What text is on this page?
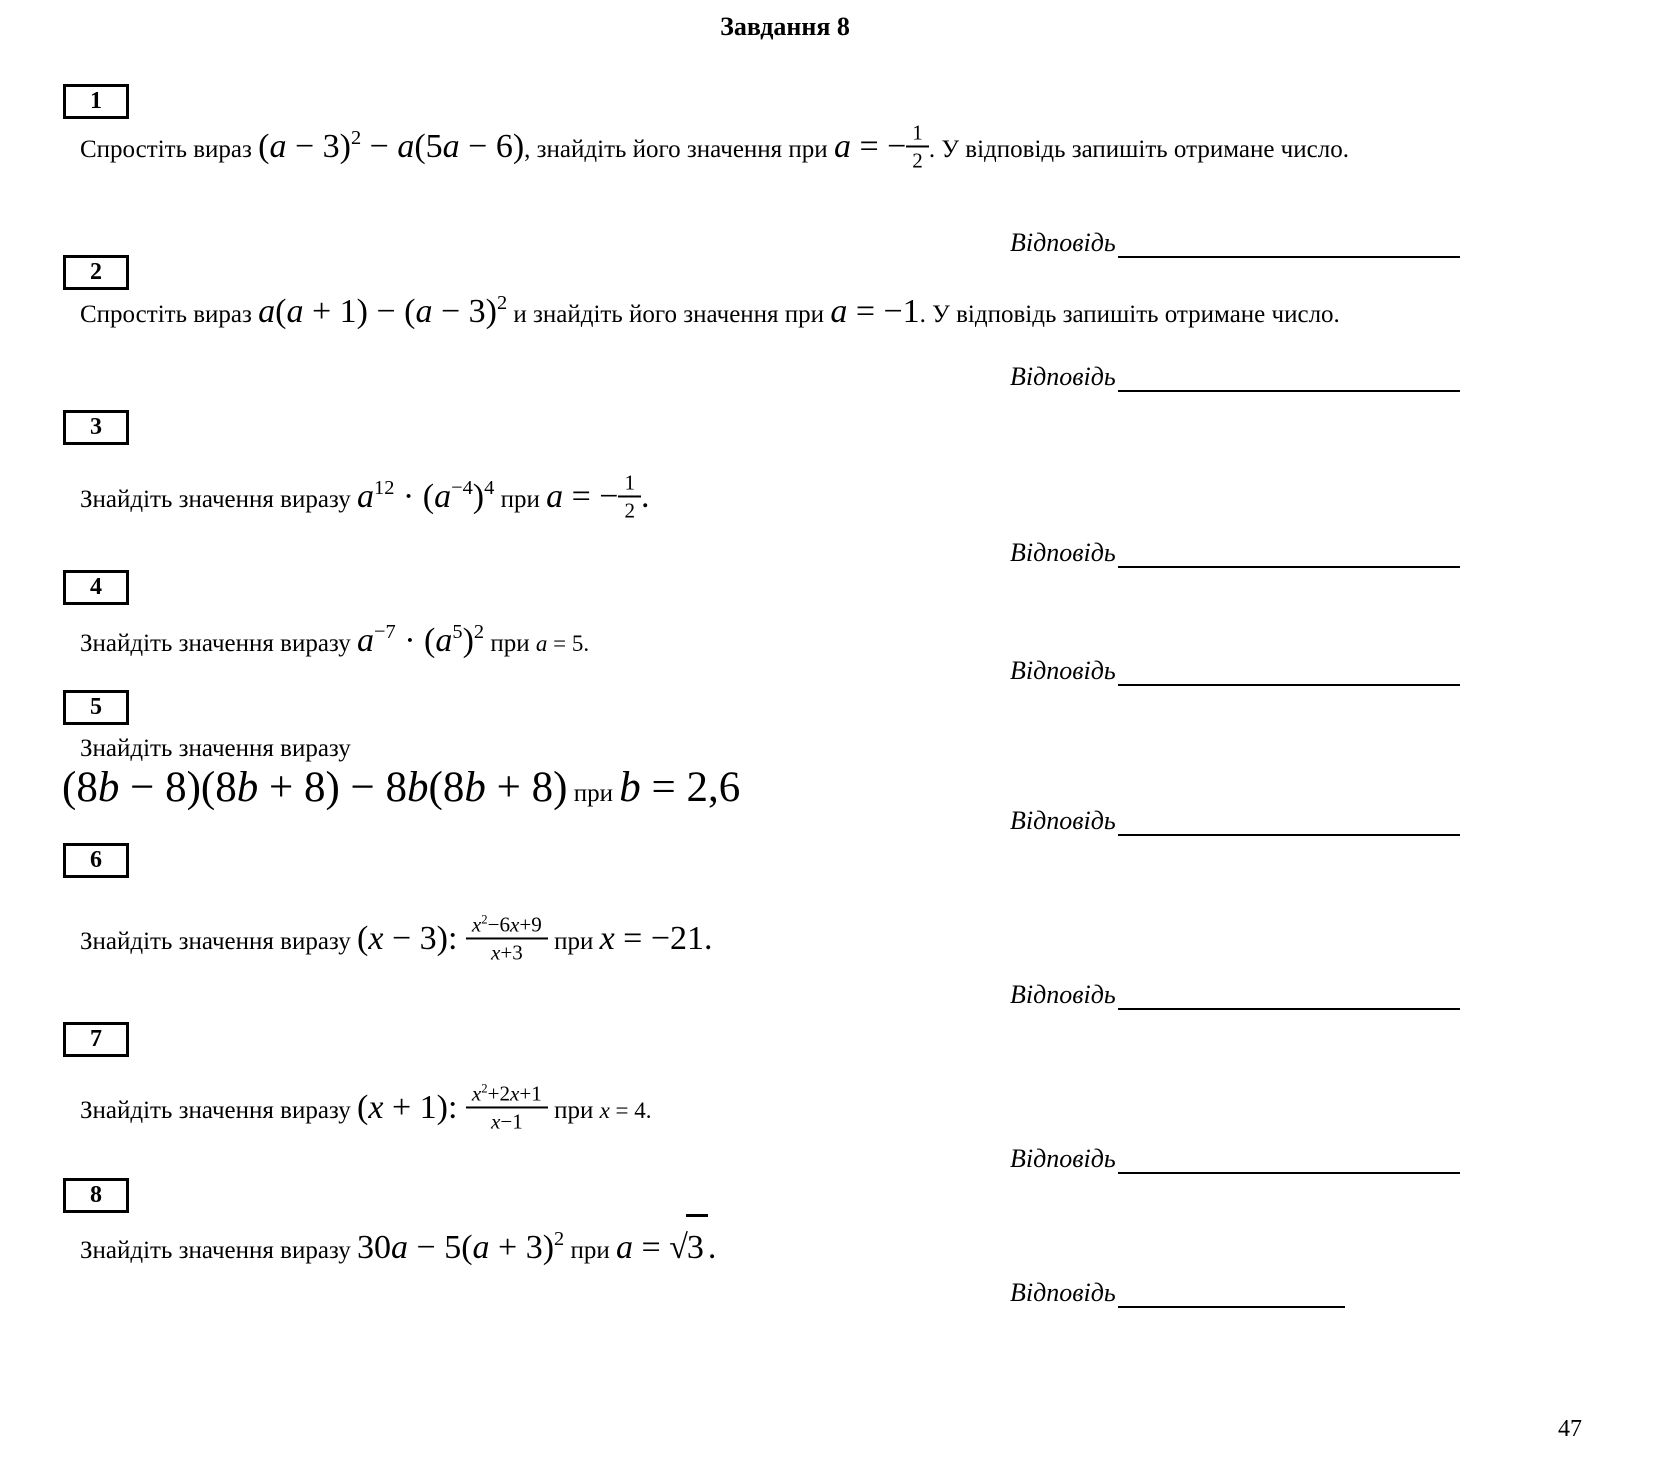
Завдання 8
1
Спростіть вираз $(a - 3)^2 - a(5a - 6)$, знайдіть його значення при a = − $\frac{1}{2}$ . У відповідь запишіть отримане число.
Відповідь
2
Спростіть вираз $a(a + 1) - (a - 3)^2$ и знайдіть його значення при a = −1. У відповідь запишіть отримане число.
Відповідь
3
Знайдіть значення виразу $a^{12} \cdot (a^{-4})^4$ при a = − $\frac{1}{2}$ .
Відповідь
4
Знайдіть значення виразу $a^{-7} \cdot (a^5)^2$ при a = 5.
Відповідь
5
Знайдіть значення виразу
(8b − 8)(8b + 8) − 8b(8b + 8) при b = 2,6
Відповідь
6
Знайдіть значення виразу (x − 3): $\frac{x^2-6x+9}{x+3}$ при x = −21.
Відповідь
7
Знайдіть значення виразу (x + 1): $\frac{x^2+2x+1}{x-1}$ при x = 4.
Відповідь
8
Знайдіть значення виразу $30a - 5(a + 3)^2$ при a = √3 .
Відповідь
47
